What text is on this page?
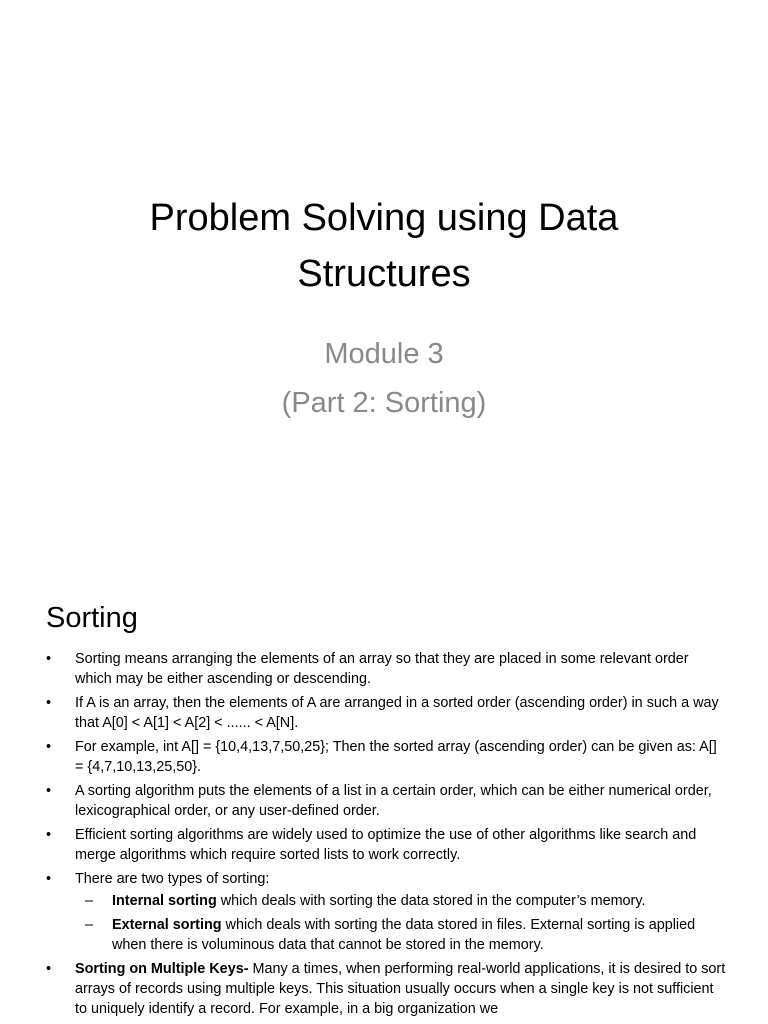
Problem Solving using Data Structures
Module 3
(Part 2: Sorting)
Sorting
•	Sorting means arranging the elements of an array so that they are placed in some relevant order which may be either ascending or descending.
•	If A is an array, then the elements of A are arranged in a sorted order (ascending order) in such a way that A[0] < A[1] < A[2] < ...... < A[N].
•	For example, int A[] = {10,4,13,7,50,25}; Then the sorted array (ascending order) can be given as: A[] = {4,7,10,13,25,50}.
•	A sorting algorithm puts the elements of a list in a certain order, which can be either numerical order, lexicographical order, or any user-defined order.
•	Efficient sorting algorithms are widely used to optimize the use of other algorithms like search and merge algorithms which require sorted lists to work correctly.
•	There are two types of sorting:
– Internal sorting which deals with sorting the data stored in the computer’s memory.
– External sorting which deals with sorting the data stored in files. External sorting is applied when there is voluminous data that cannot be stored in the memory.
•	Sorting on Multiple Keys- Many a times, when performing real-world applications, it is desired to sort arrays of records using multiple keys. This situation usually occurs when a single key is not sufficient to uniquely identify a record. For example, in a big organization we
